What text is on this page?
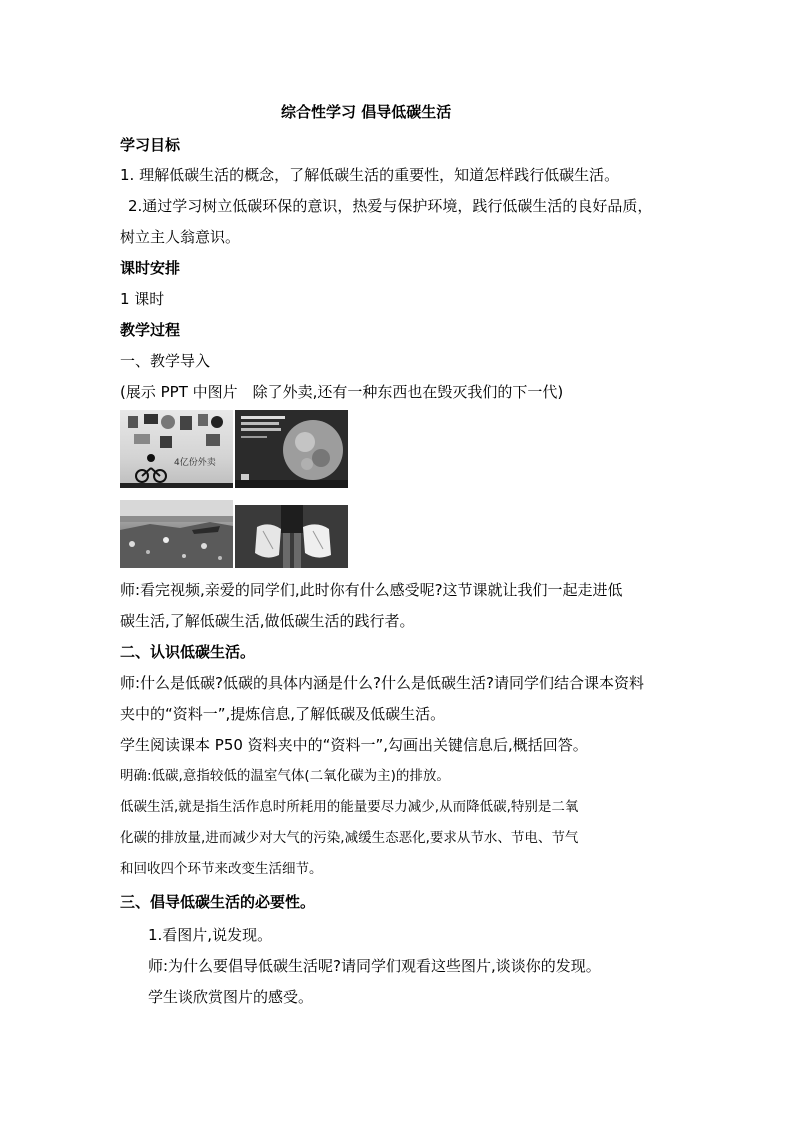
综合性学习 倡导低碳生活
学习目标
1. 理解低碳生活的概念，了解低碳生活的重要性，知道怎样践行低碳生活。
2.通过学习树立低碳环保的意识，热爱与保护环境，践行低碳生活的良好品质，
树立主人翁意识。
课时安排
1 课时
教学过程
一、教学导入
(展示 PPT 中图片　除了外卖,还有一种东西也在毁灭我们的下一代)
4亿份外卖
师:看完视频,亲爱的同学们,此时你有什么感受呢?这节课就让我们一起走进低
碳生活,了解低碳生活,做低碳生活的践行者。
二、认识低碳生活。
师:什么是低碳?低碳的具体内涵是什么?什么是低碳生活?请同学们结合课本资料
夹中的“资料一”,提炼信息,了解低碳及低碳生活。
学生阅读课本 P50 资料夹中的“资料一”,勾画出关键信息后,概括回答。
明确:低碳,意指较低的温室气体(二氧化碳为主)的排放。
低碳生活,就是指生活作息时所耗用的能量要尽力减少,从而降低碳,特别是二氧
化碳的排放量,进而减少对大气的污染,减缓生态恶化,要求从节水、节电、节气
和回收四个环节来改变生活细节。
三、倡导低碳生活的必要性。
1.看图片,说发现。
师:为什么要倡导低碳生活呢?请同学们观看这些图片,谈谈你的发现。
学生谈欣赏图片的感受。
